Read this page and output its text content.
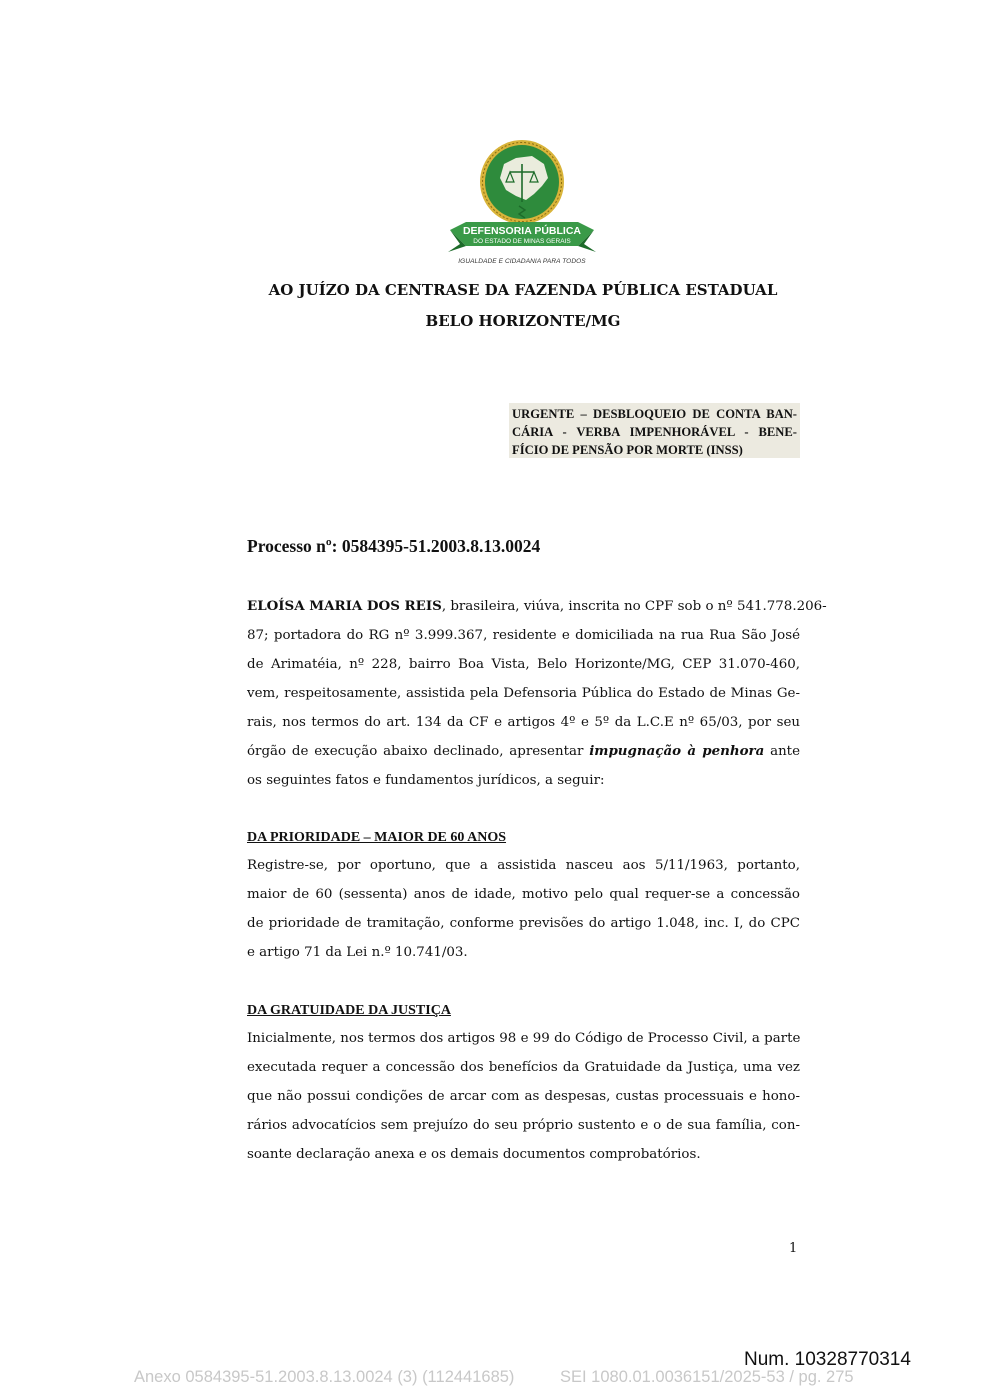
DEFENSORIA PÚBLICA
DO ESTADO DE MINAS GERAIS
IGUALDADE E CIDADANIA PARA TODOS
AO JUÍZO DA CENTRASE DA FAZENDA PÚBLICA ESTADUAL
BELO HORIZONTE/MG
URGENTE – DESBLOQUEIO DE CONTA BAN-
CÁRIA - VERBA IMPENHORÁVEL - BENE-
FÍCIO DE PENSÃO POR MORTE (INSS)
Processo nº: 0584395-51.2003.8.13.0024
ELOÍSA MARIA DOS REIS, brasileira, viúva, inscrita no CPF sob o nº 541.778.206-
87; portadora do RG nº 3.999.367, residente e domiciliada na rua Rua São José
de Arimatéia, nº 228, bairro Boa Vista, Belo Horizonte/MG, CEP 31.070-460,
vem, respeitosamente, assistida pela Defensoria Pública do Estado de Minas Ge-
rais, nos termos do art. 134 da CF e artigos 4º e 5º da L.C.E nº 65/03, por seu
órgão de execução abaixo declinado, apresentar impugnação à penhora ante
os seguintes fatos e fundamentos jurídicos, a seguir:
DA PRIORIDADE – MAIOR DE 60 ANOS
Registre-se, por oportuno, que a assistida nasceu aos 5/11/1963, portanto,
maior de 60 (sessenta) anos de idade, motivo pelo qual requer-se a concessão
de prioridade de tramitação, conforme previsões do artigo 1.048, inc. I, do CPC
e artigo 71 da Lei n.º 10.741/03.
DA GRATUIDADE DA JUSTIÇA
Inicialmente, nos termos dos artigos 98 e 99 do Código de Processo Civil, a parte
executada requer a concessão dos benefícios da Gratuidade da Justiça, uma vez
que não possui condições de arcar com as despesas, custas processuais e hono-
rários advocatícios sem prejuízo do seu próprio sustento e o de sua família, con-
soante declaração anexa e os demais documentos comprobatórios.
1
Num. 10328770314
Anexo 0584395-51.2003.8.13.0024 (3) (112441685)	SEI 1080.01.0036151/2025-53 / pg. 275
